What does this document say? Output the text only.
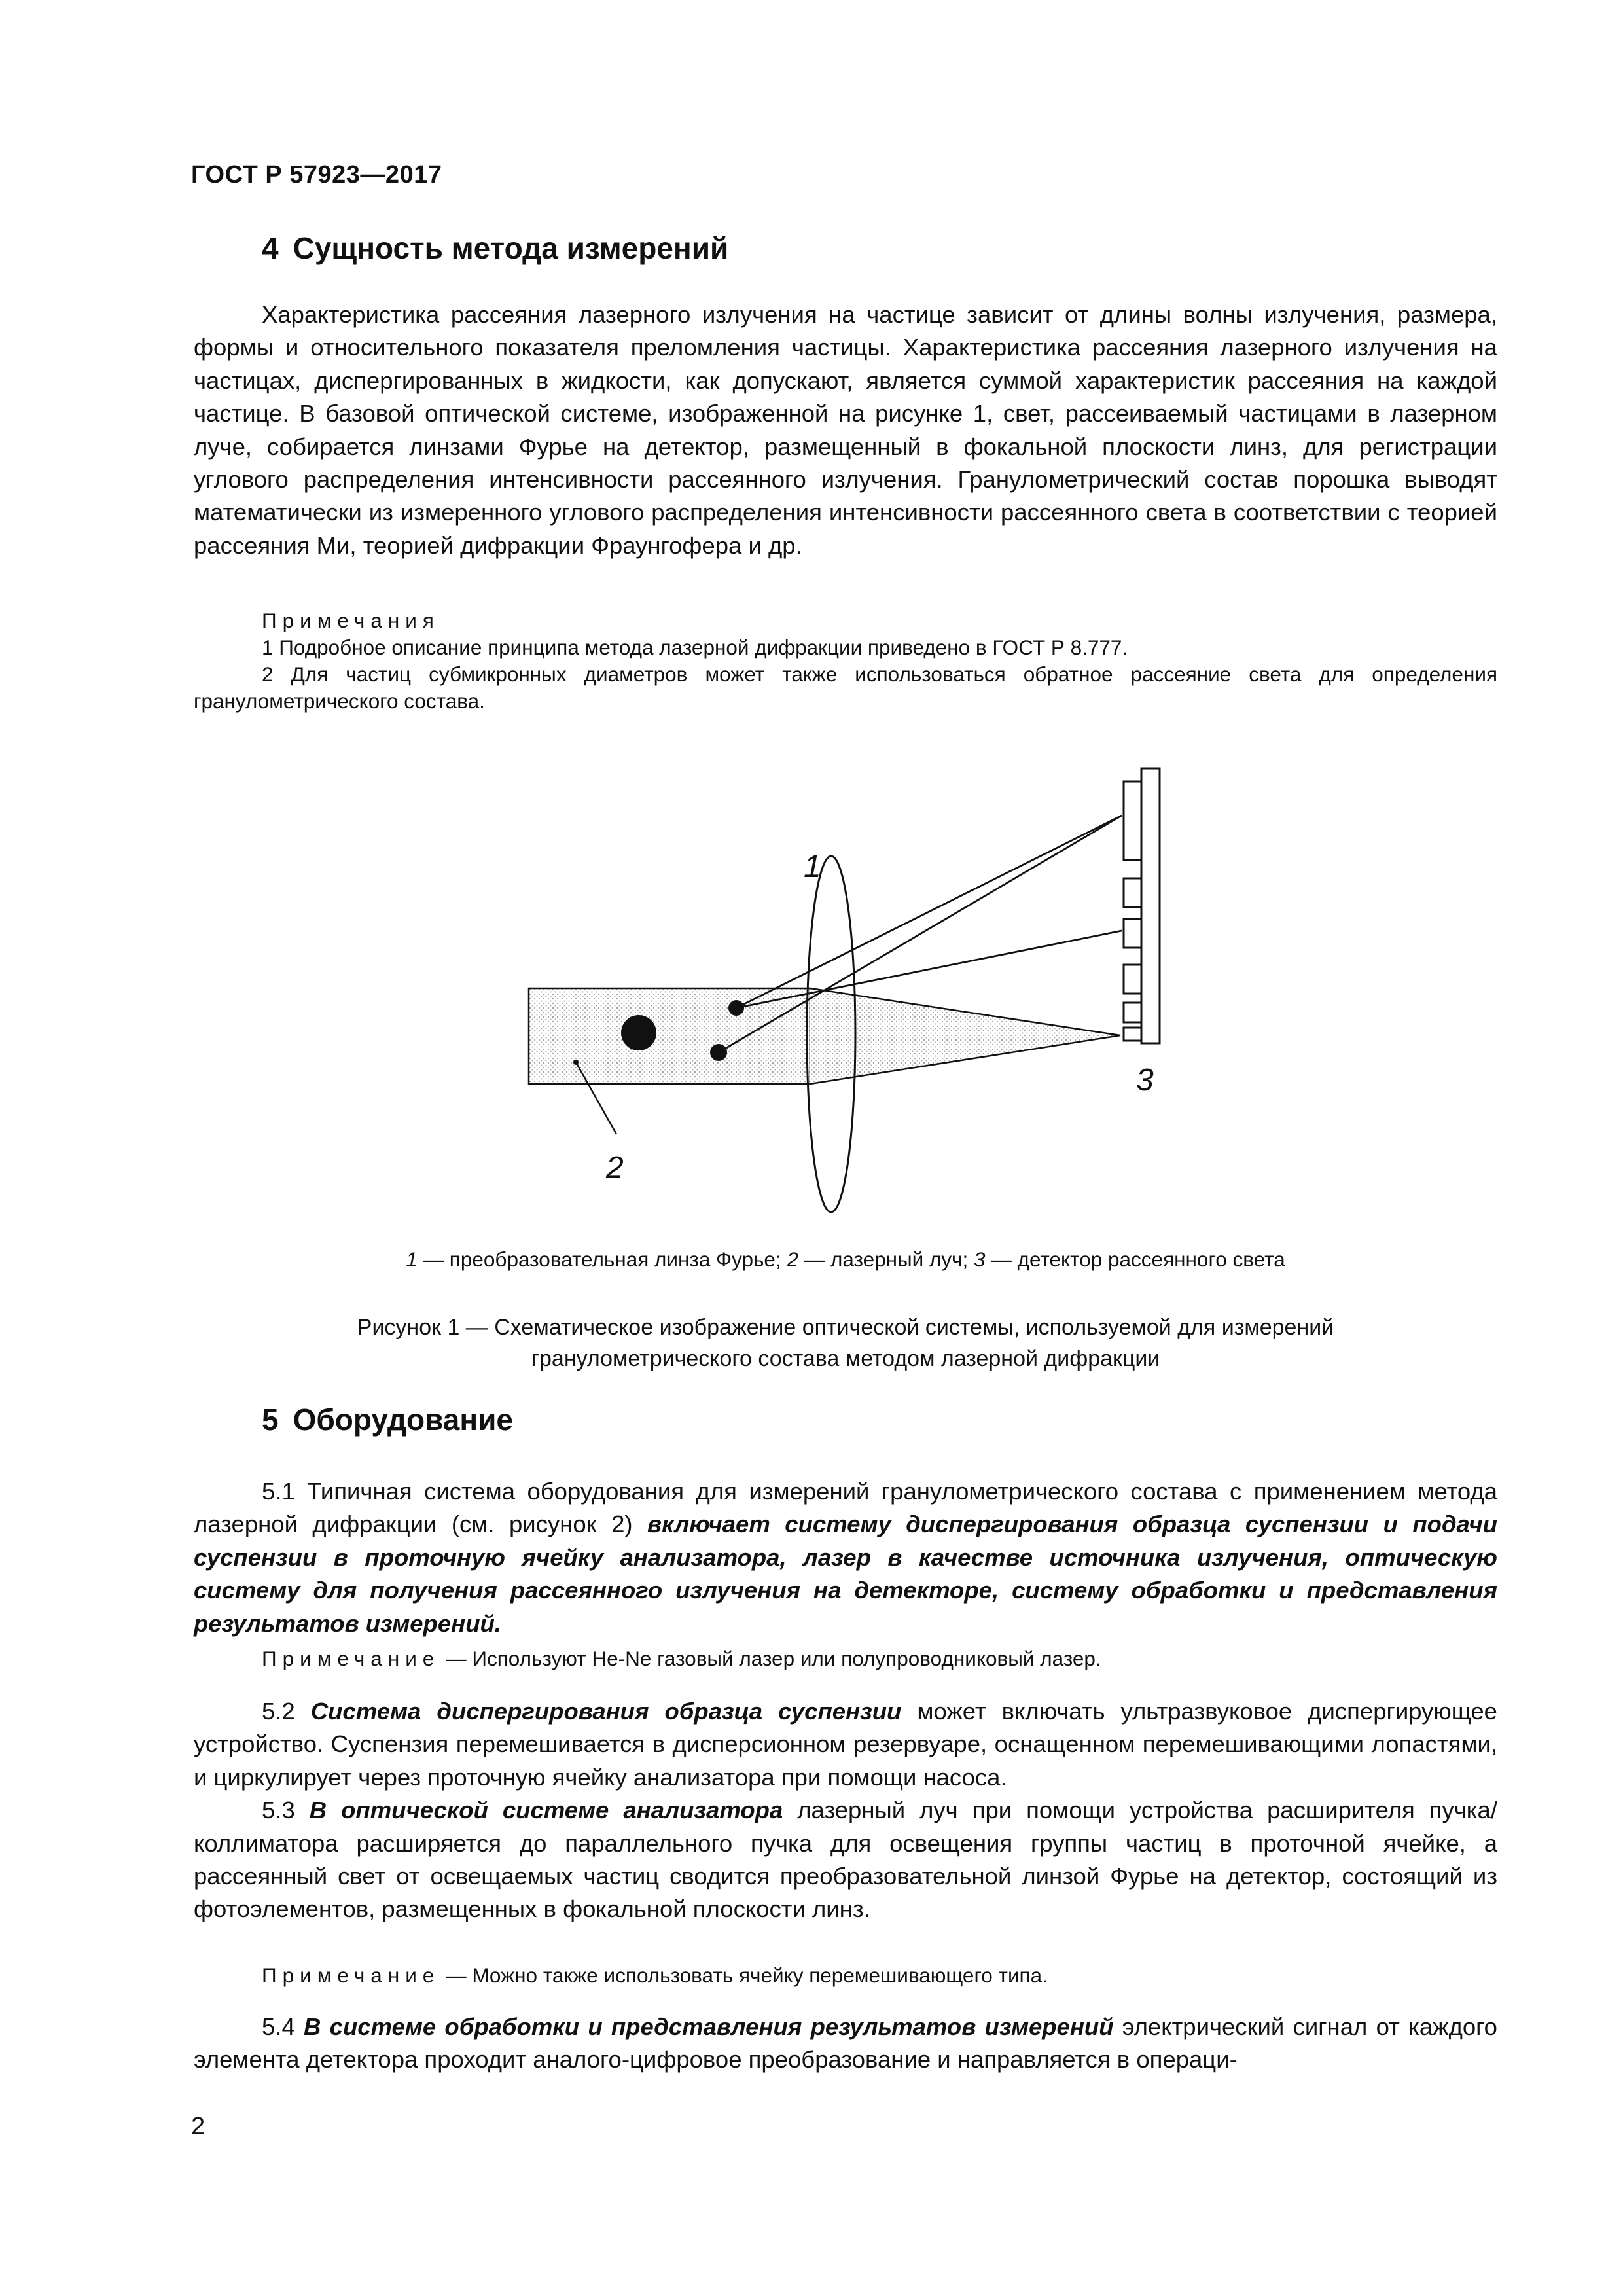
ГОСТ Р 57923—2017
4 Сущность метода измерений

Характеристика рассеяния лазерного излучения на частице зависит от длины волны излучения, размера, формы и относительного показателя преломления частицы. Характеристика рассеяния лазерного излучения на частицах, диспергированных в жидкости, как допускают, является суммой характеристик рассеяния на каждой частице. В базовой оптической системе, изображенной на рисунке 1, свет, рассеиваемый частицами в лазерном луче, собирается линзами Фурье на детектор, размещенный в фокальной плоскости линз, для регистрации углового распределения интенсивности рассеянного излучения. Гранулометрический состав порошка выводят математически из измеренного углового распределения интенсивности рассеянного света в соответствии с теорией рассеяния Ми, теорией дифракции Фраунгофера и др.

Примечания

1 Подробное описание принципа метода лазерной дифракции приведено в ГОСТ Р 8.777.

2 Для частиц субмикронных диаметров может также использоваться обратное рассеяние света для определения гранулометрического состава.

1
2
3
1 — преобразовательная линза Фурье; 2 — лазерный луч; 3 — детектор рассеянного света
Рисунок 1 — Схематическое изображение оптической системы, используемой для измерений
гранулометрического состава методом лазерной дифракции
5 Оборудование

5.1 Типичная система оборудования для измерений гранулометрического состава с применением метода лазерной дифракции (см. рисунок 2) включает систему диспергирования образца суспензии и подачи суспензии в проточную ячейку анализатора, лазер в качестве источника излучения, оптическую систему для получения рассеянного излучения на детекторе, систему обработки и представления результатов измерений.

Примечание — Используют He-Ne газовый лазер или полупроводниковый лазер.

5.2 Система диспергирования образца суспензии может включать ультразвуковое диспергирующее устройство. Суспензия перемешивается в дисперсионном резервуаре, оснащенном перемешивающими лопастями, и циркулирует через проточную ячейку анализатора при помощи насоса.

5.3 В оптической системе анализатора лазерный луч при помощи устройства расширителя пучка/коллиматора расширяется до параллельного пучка для освещения группы частиц в проточной ячейке, а рассеянный свет от освещаемых частиц сводится преобразовательной линзой Фурье на детектор, состоящий из фотоэлементов, размещенных в фокальной плоскости линз.

Примечание — Можно также использовать ячейку перемешивающего типа.

5.4 В системе обработки и представления результатов измерений электрический сигнал от каждого элемента детектора проходит аналого-цифровое преобразование и направляется в операци-

2
